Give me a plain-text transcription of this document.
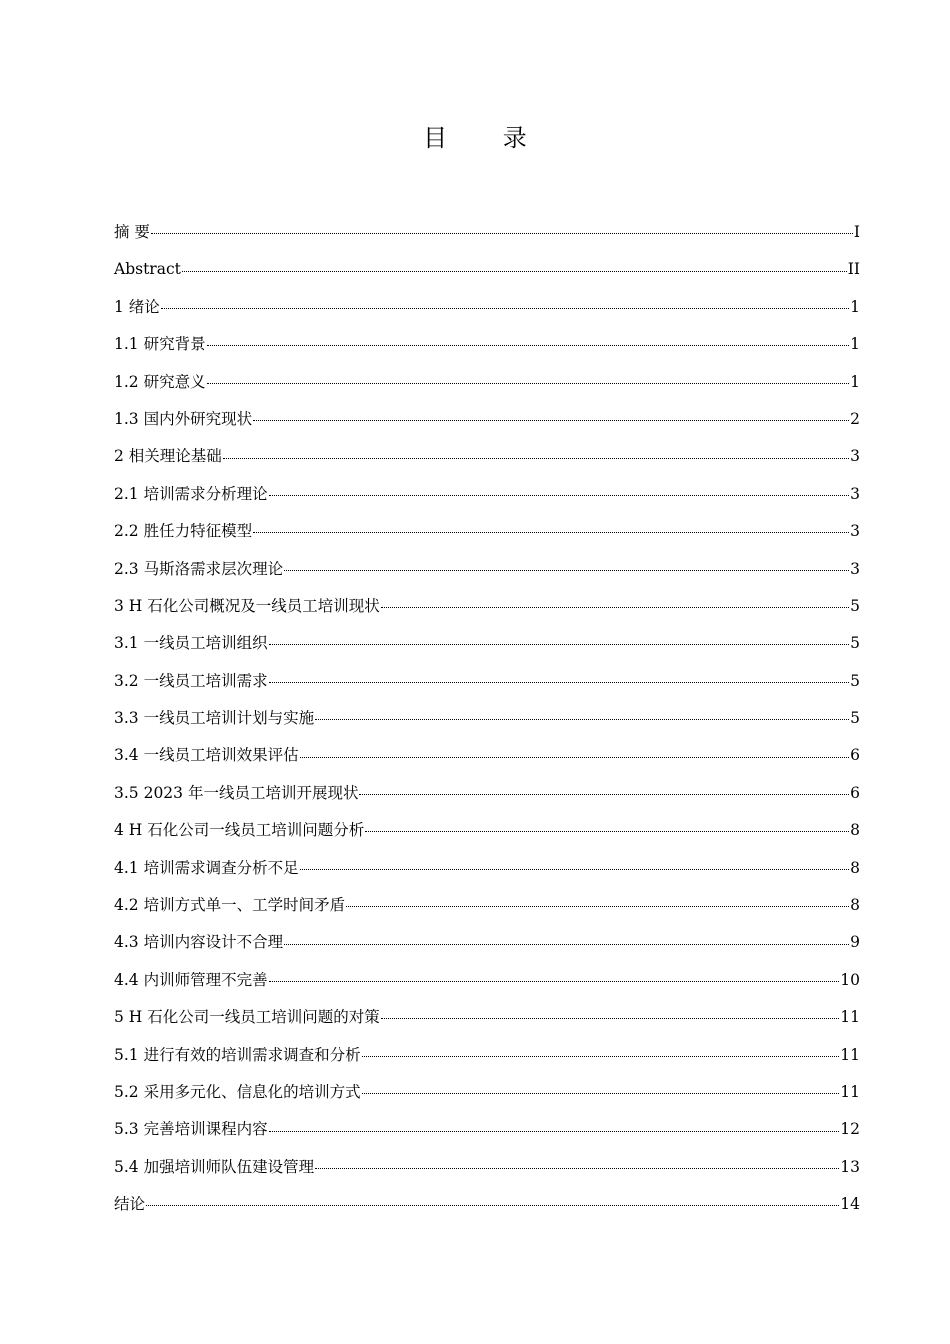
目 录
摘 要	I
Abstract	II
1 绪论	1
1.1 研究背景	1
1.2 研究意义	1
1.3 国内外研究现状	2
2 相关理论基础	3
2.1 培训需求分析理论	3
2.2 胜任力特征模型	3
2.3 马斯洛需求层次理论	3
3 H 石化公司概况及一线员工培训现状	5
3.1 一线员工培训组织	5
3.2 一线员工培训需求	5
3.3 一线员工培训计划与实施	5
3.4 一线员工培训效果评估	6
3.5 2023 年一线员工培训开展现状	6
4 H 石化公司一线员工培训问题分析	8
4.1 培训需求调查分析不足	8
4.2 培训方式单一、工学时间矛盾	8
4.3 培训内容设计不合理	9
4.4 内训师管理不完善	10
5 H 石化公司一线员工培训问题的对策	11
5.1 进行有效的培训需求调查和分析	11
5.2 采用多元化、信息化的培训方式	11
5.3 完善培训课程内容	12
5.4 加强培训师队伍建设管理	13
结论	14
